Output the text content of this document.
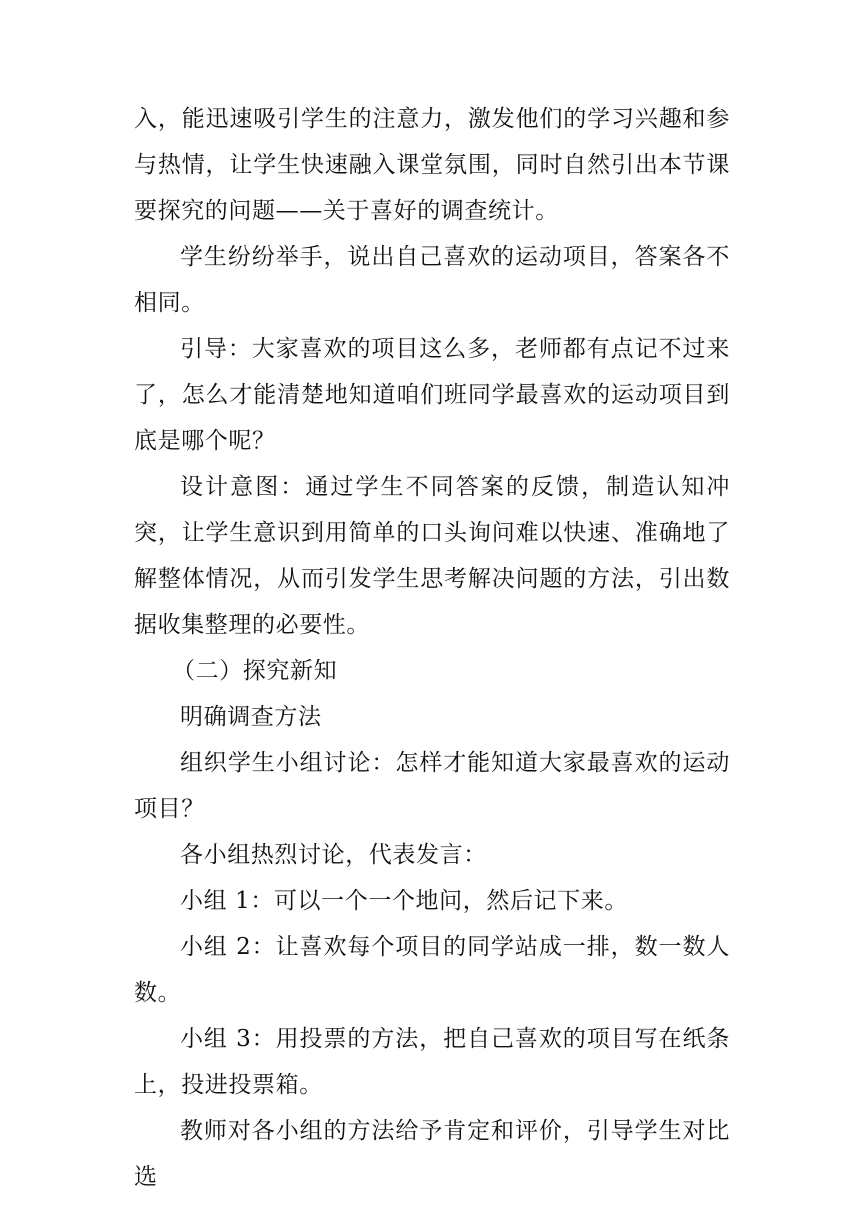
入，能迅速吸引学生的注意力，激发他们的学习兴趣和参与热情，让学生快速融入课堂氛围，同时自然引出本节课要探究的问题——关于喜好的调查统计。

学生纷纷举手，说出自己喜欢的运动项目，答案各不相同。

引导：大家喜欢的项目这么多，老师都有点记不过来了，怎么才能清楚地知道咱们班同学最喜欢的运动项目到底是哪个呢？

设计意图：通过学生不同答案的反馈，制造认知冲突，让学生意识到用简单的口头询问难以快速、准确地了解整体情况，从而引发学生思考解决问题的方法，引出数据收集整理的必要性。

（二）探究新知

明确调查方法

组织学生小组讨论：怎样才能知道大家最喜欢的运动项目？

各小组热烈讨论，代表发言：

小组 1：可以一个一个地问，然后记下来。

小组 2：让喜欢每个项目的同学站成一排，数一数人数。

小组 3：用投票的方法，把自己喜欢的项目写在纸条上，投进投票箱。

教师对各小组的方法给予肯定和评价，引导学生对比选
